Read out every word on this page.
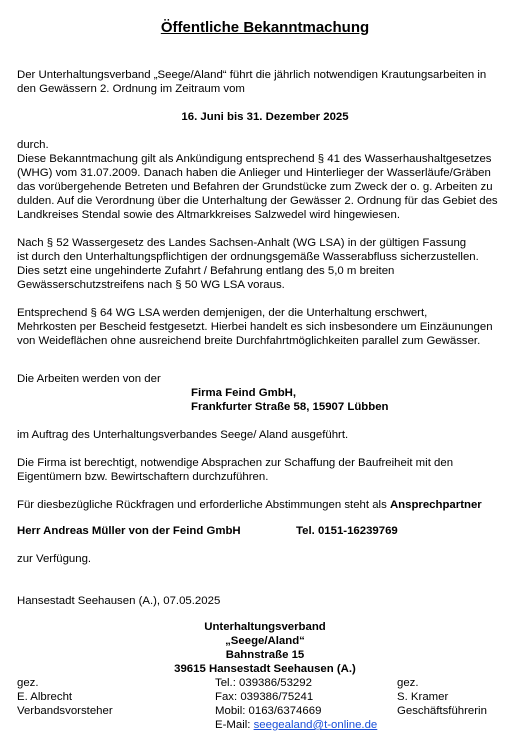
Öffentliche Bekanntmachung
Der Unterhaltungsverband „Seege/Aland“ führt die jährlich notwendigen Krautungsarbeiten in
den Gewässern 2. Ordnung im Zeitraum vom
16. Juni bis 31. Dezember 2025
durch.
Diese Bekanntmachung gilt als Ankündigung entsprechend § 41 des Wasserhaushaltgesetzes
(WHG) vom 31.07.2009. Danach haben die Anlieger und Hinterlieger der Wasserläufe/Gräben
das vorübergehende Betreten und Befahren der Grundstücke zum Zweck der o. g. Arbeiten zu
dulden. Auf die Verordnung über die Unterhaltung der Gewässer 2. Ordnung für das Gebiet des
Landkreises Stendal sowie des Altmarkkreises Salzwedel wird hingewiesen.
Nach § 52 Wassergesetz des Landes Sachsen-Anhalt (WG LSA) in der gültigen Fassung
ist durch den Unterhaltungspflichtigen der ordnungsgemäße Wasserabfluss sicherzustellen.
Dies setzt eine ungehinderte Zufahrt / Befahrung entlang des 5,0 m breiten
Gewässerschutzstreifens nach § 50 WG LSA voraus.
Entsprechend § 64 WG LSA werden demjenigen, der die Unterhaltung erschwert,
Mehrkosten per Bescheid festgesetzt. Hierbei handelt es sich insbesondere um Einzäunungen
von Weideflächen ohne ausreichend breite Durchfahrtmöglichkeiten parallel zum Gewässer.
Die Arbeiten werden von der
Firma Feind GmbH,
Frankfurter Straße 58, 15907 Lübben
im Auftrag des Unterhaltungsverbandes Seege/ Aland ausgeführt.
Die Firma ist berechtigt, notwendige Absprachen zur Schaffung der Baufreiheit mit den
Eigentümern bzw. Bewirtschaftern durchzuführen.
Für diesbezügliche Rückfragen und erforderliche Abstimmungen steht als Ansprechpartner
Herr Andreas Müller von der Feind GmbH	Tel. 0151-16239769
zur Verfügung.
Hansestadt Seehausen (A.), 07.05.2025
Unterhaltungsverband
„Seege/Aland“
Bahnstraße 15
39615 Hansestadt Seehausen (A.)
gez.
E. Albrecht
Verbandsvorsteher
Tel.: 039386/53292
Fax: 039386/75241
Mobil: 0163/6374669
E-Mail: seegealand@t-online.de
gez.
S. Kramer
Geschäftsführerin
